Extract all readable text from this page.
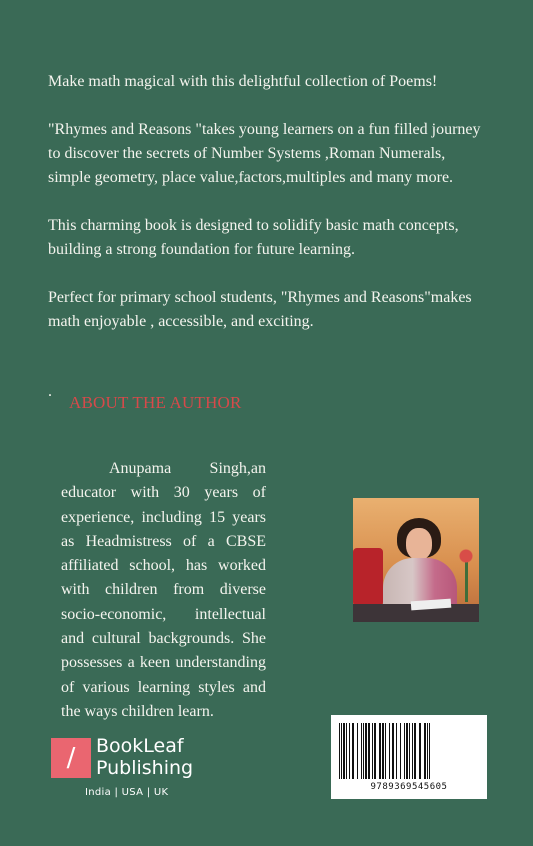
Make math magical with this delightful collection of Poems!

"Rhymes and Reasons "takes young learners on a fun filled journey to discover the secrets of Number Systems ,Roman Numerals, simple geometry, place value,factors,multiples and many more.

This charming book is designed to solidify basic math concepts, building a strong foundation for future learning.

Perfect for primary school students, "Rhymes and Reasons"makes math enjoyable , accessible, and exciting.

.
ABOUT THE AUTHOR

Anupama Singh,an educator with 30 years of experience, including 15 years as Headmistress of a CBSE affiliated school, has worked with children from diverse socio-economic, intellectual and cultural backgrounds. She possesses a keen understanding of various learning styles and the ways children learn.

/	BookLeaf
Publishing
India | USA | UK	9789369545605
